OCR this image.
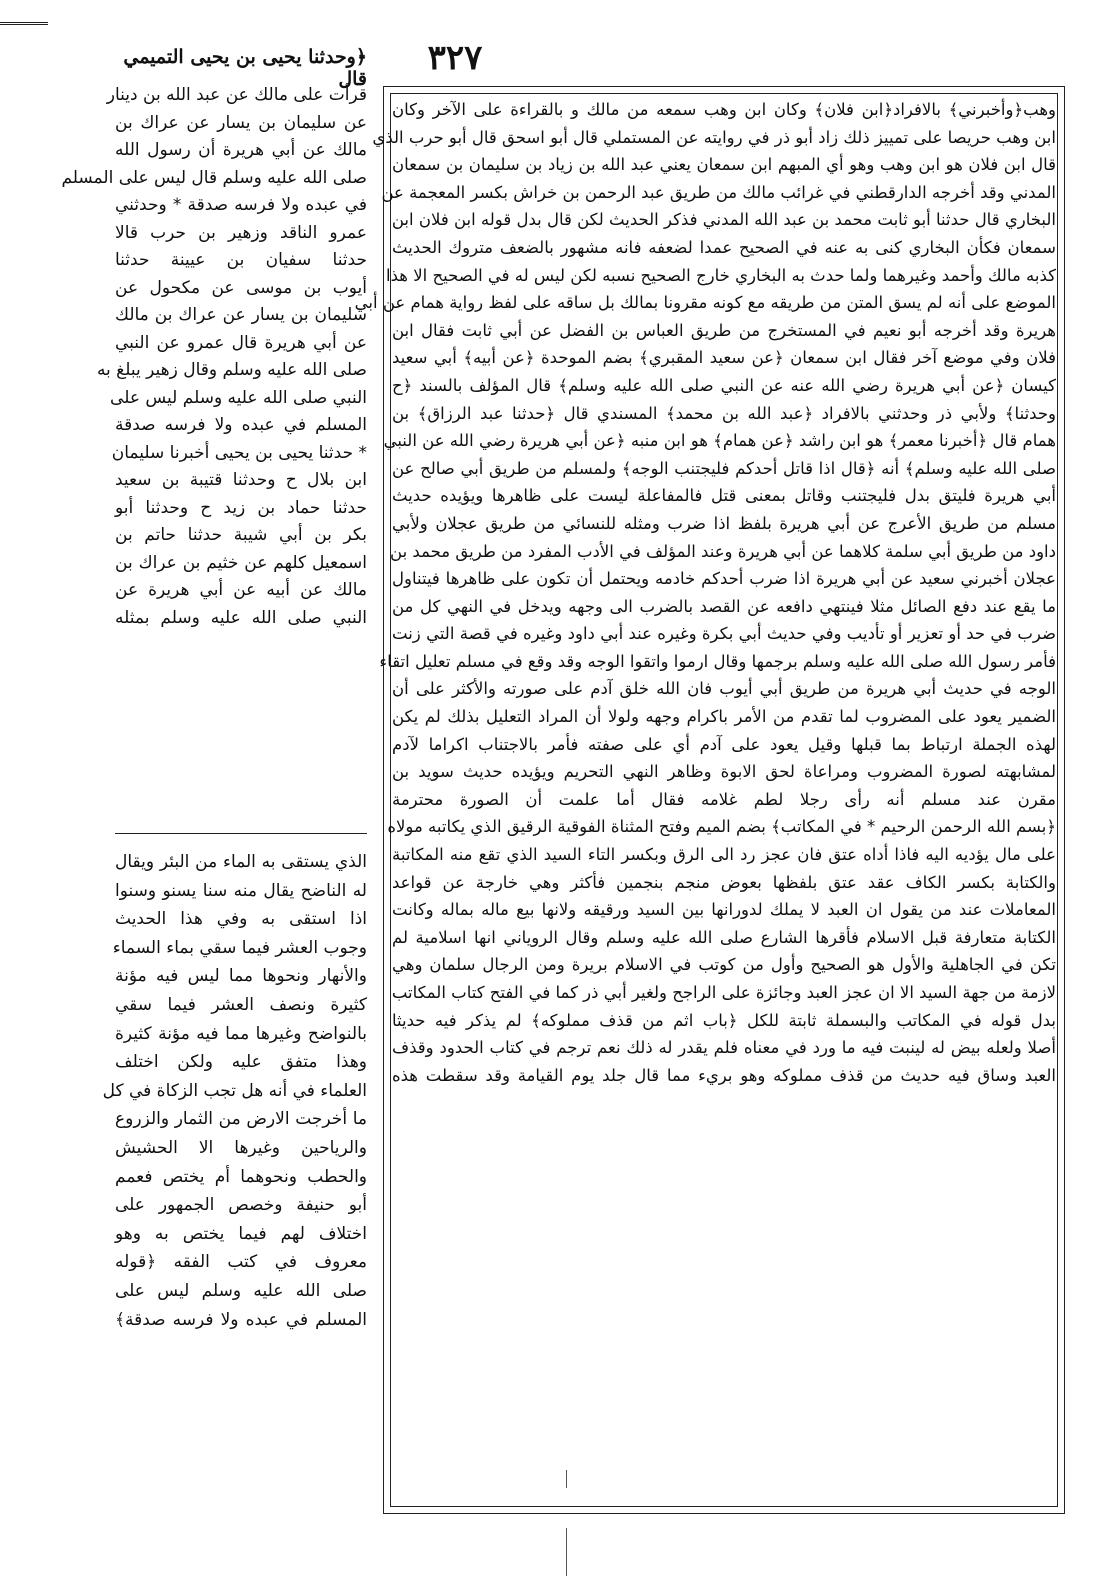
٣٢٧
﴿وحدثنا يحيى بن يحيى التميمي قال
وهب﴿وأخبرني﴾ بالافراد﴿ابن فلان﴾ وكان ابن وهب سمعه من مالك و بالقراءة على الآخر وكان
ابن وهب حريصا على تمييز ذلك زاد أبو ذر في روايته عن المستملي قال أبو اسحق قال أبو حرب الذي
قال ابن فلان هو ابن وهب وهو أي المبهم ابن سمعان يعني عبد الله بن زياد بن سليمان بن سمعان
المدني وقد أخرجه الدارقطني في غرائب مالك من طريق عبد الرحمن بن خراش بكسر المعجمة عن
البخاري قال حدثنا أبو ثابت محمد بن عبد الله المدني فذكر الحديث لكن قال بدل قوله ابن فلان ابن
سمعان فكأن البخاري كنى به عنه في الصحيح عمدا لضعفه فانه مشهور بالضعف متروك الحديث
كذبه مالك وأحمد وغيرهما ولما حدث به البخاري خارج الصحيح نسبه لكن ليس له في الصحيح الا هذا
الموضع على أنه لم يسق المتن من طريقه مع كونه مقرونا بمالك بل ساقه على لفظ رواية همام عن أبي
هريرة وقد أخرجه أبو نعيم في المستخرج من طريق العباس بن الفضل عن أبي ثابت فقال ابن
فلان وفي موضع آخر فقال ابن سمعان ﴿عن سعيد المقبري﴾ بضم الموحدة ﴿عن أبيه﴾ أبي سعيد
كيسان ﴿عن أبي هريرة رضي الله عنه عن النبي صلى الله عليه وسلم﴾ قال المؤلف بالسند ﴿ح
وحدثنا﴾ ولأبي ذر وحدثني بالافراد ﴿عبد الله بن محمد﴾ المسندي قال ﴿حدثنا عبد الرزاق﴾ بن
همام قال ﴿أخبرنا معمر﴾ هو ابن راشد ﴿عن همام﴾ هو ابن منبه ﴿عن أبي هريرة رضي الله عن النبي
صلى الله عليه وسلم﴾ أنه ﴿قال اذا قاتل أحدكم فليجتنب الوجه﴾ ولمسلم من طريق أبي صالح عن
أبي هريرة فليتق بدل فليجتنب وقاتل بمعنى قتل فالمفاعلة ليست على ظاهرها ويؤيده حديث
مسلم من طريق الأعرج عن أبي هريرة بلفظ اذا ضرب ومثله للنسائي من طريق عجلان ولأبي
داود من طريق أبي سلمة كلاهما عن أبي هريرة وعند المؤلف في الأدب المفرد من طريق محمد بن
عجلان أخبرني سعيد عن أبي هريرة اذا ضرب أحدكم خادمه ويحتمل أن تكون على ظاهرها فيتناول
ما يقع عند دفع الصائل مثلا فينتهي دافعه عن القصد بالضرب الى وجهه ويدخل في النهي كل من
ضرب في حد أو تعزير أو تأديب وفي حديث أبي بكرة وغيره عند أبي داود وغيره في قصة التي زنت
فأمر رسول الله صلى الله عليه وسلم برجمها وقال ارموا واتقوا الوجه وقد وقع في مسلم تعليل اتقاء
الوجه في حديث أبي هريرة من طريق أبي أيوب فان الله خلق آدم على صورته والأكثر على أن
الضمير يعود على المضروب لما تقدم من الأمر باكرام وجهه ولولا أن المراد التعليل بذلك لم يكن
لهذه الجملة ارتباط بما قبلها وقيل يعود على آدم أي على صفته فأمر بالاجتناب اكراما لآدم
لمشابهته لصورة المضروب ومراعاة لحق الابوة وظاهر النهي التحريم ويؤيده حديث سويد بن
مقرن عند مسلم أنه رأى رجلا لطم غلامه فقال أما علمت أن الصورة محترمة
﴿بسم الله الرحمن الرحيم * في المكاتب﴾ بضم الميم وفتح المثناة الفوقية الرقيق الذي يكاتبه مولاه
على مال يؤديه اليه فاذا أداه عتق فان عجز رد الى الرق وبكسر التاء السيد الذي تقع منه المكاتبة
والكتابة بكسر الكاف عقد عتق بلفظها بعوض منجم بنجمين فأكثر وهي خارجة عن قواعد
المعاملات عند من يقول ان العبد لا يملك لدورانها بين السيد ورقيقه ولانها بيع ماله بماله وكانت
الكتابة متعارفة قبل الاسلام فأقرها الشارع صلى الله عليه وسلم وقال الروياني انها اسلامية لم
تكن في الجاهلية والأول هو الصحيح وأول من كوتب في الاسلام بريرة ومن الرجال سلمان وهي
لازمة من جهة السيد الا ان عجز العبد وجائزة على الراجح ولغير أبي ذر كما في الفتح كتاب المكاتب
بدل قوله في المكاتب والبسملة ثابتة للكل ﴿باب اثم من قذف مملوكه﴾ لم يذكر فيه حديثا
أصلا ولعله بيض له لينبت فيه ما ورد في معناه فلم يقدر له ذلك نعم ترجم في كتاب الحدود وقذف
العبد وساق فيه حديث من قذف مملوكه وهو بريء مما قال جلد يوم القيامة وقد سقطت هذه
قرأت على مالك عن عبد الله بن دينار
عن سليمان بن يسار عن عراك بن
مالك عن أبي هريرة أن رسول الله
صلى الله عليه وسلم قال ليس على المسلم
في عبده ولا فرسه صدقة * وحدثني
عمرو الناقد وزهير بن حرب قالا
حدثنا سفيان بن عيينة حدثنا
أيوب بن موسى عن مكحول عن
سليمان بن يسار عن عراك بن مالك
عن أبي هريرة قال عمرو عن النبي
صلى الله عليه وسلم وقال زهير يبلغ به
النبي صلى الله عليه وسلم ليس على
المسلم في عبده ولا فرسه صدقة
* حدثنا يحيى بن يحيى أخبرنا سليمان
ابن بلال ح وحدثنا قتيبة بن سعيد
حدثنا حماد بن زيد ح وحدثنا أبو
بكر بن أبي شيبة حدثنا حاتم بن
اسمعيل كلهم عن خثيم بن عراك بن
مالك عن أبيه عن أبي هريرة عن
النبي صلى الله عليه وسلم بمثله
الذي يستقى به الماء من البئر ويقال
له الناضح يقال منه سنا يسنو وسنوا
اذا استقى به وفي هذا الحديث
وجوب العشر فيما سقي بماء السماء
والأنهار ونحوها مما ليس فيه مؤنة
كثيرة ونصف العشر فيما سقي
بالنواضح وغيرها مما فيه مؤنة كثيرة
وهذا متفق عليه ولكن اختلف
العلماء في أنه هل تجب الزكاة في كل
ما أخرجت الارض من الثمار والزروع
والرياحين وغيرها الا الحشيش
والحطب ونحوهما أم يختص فعمم
أبو حنيفة وخصص الجمهور على
اختلاف لهم فيما يختص به وهو
معروف في كتب الفقه ﴿قوله
صلى الله عليه وسلم ليس على
المسلم في عبده ولا فرسه صدقة﴾
